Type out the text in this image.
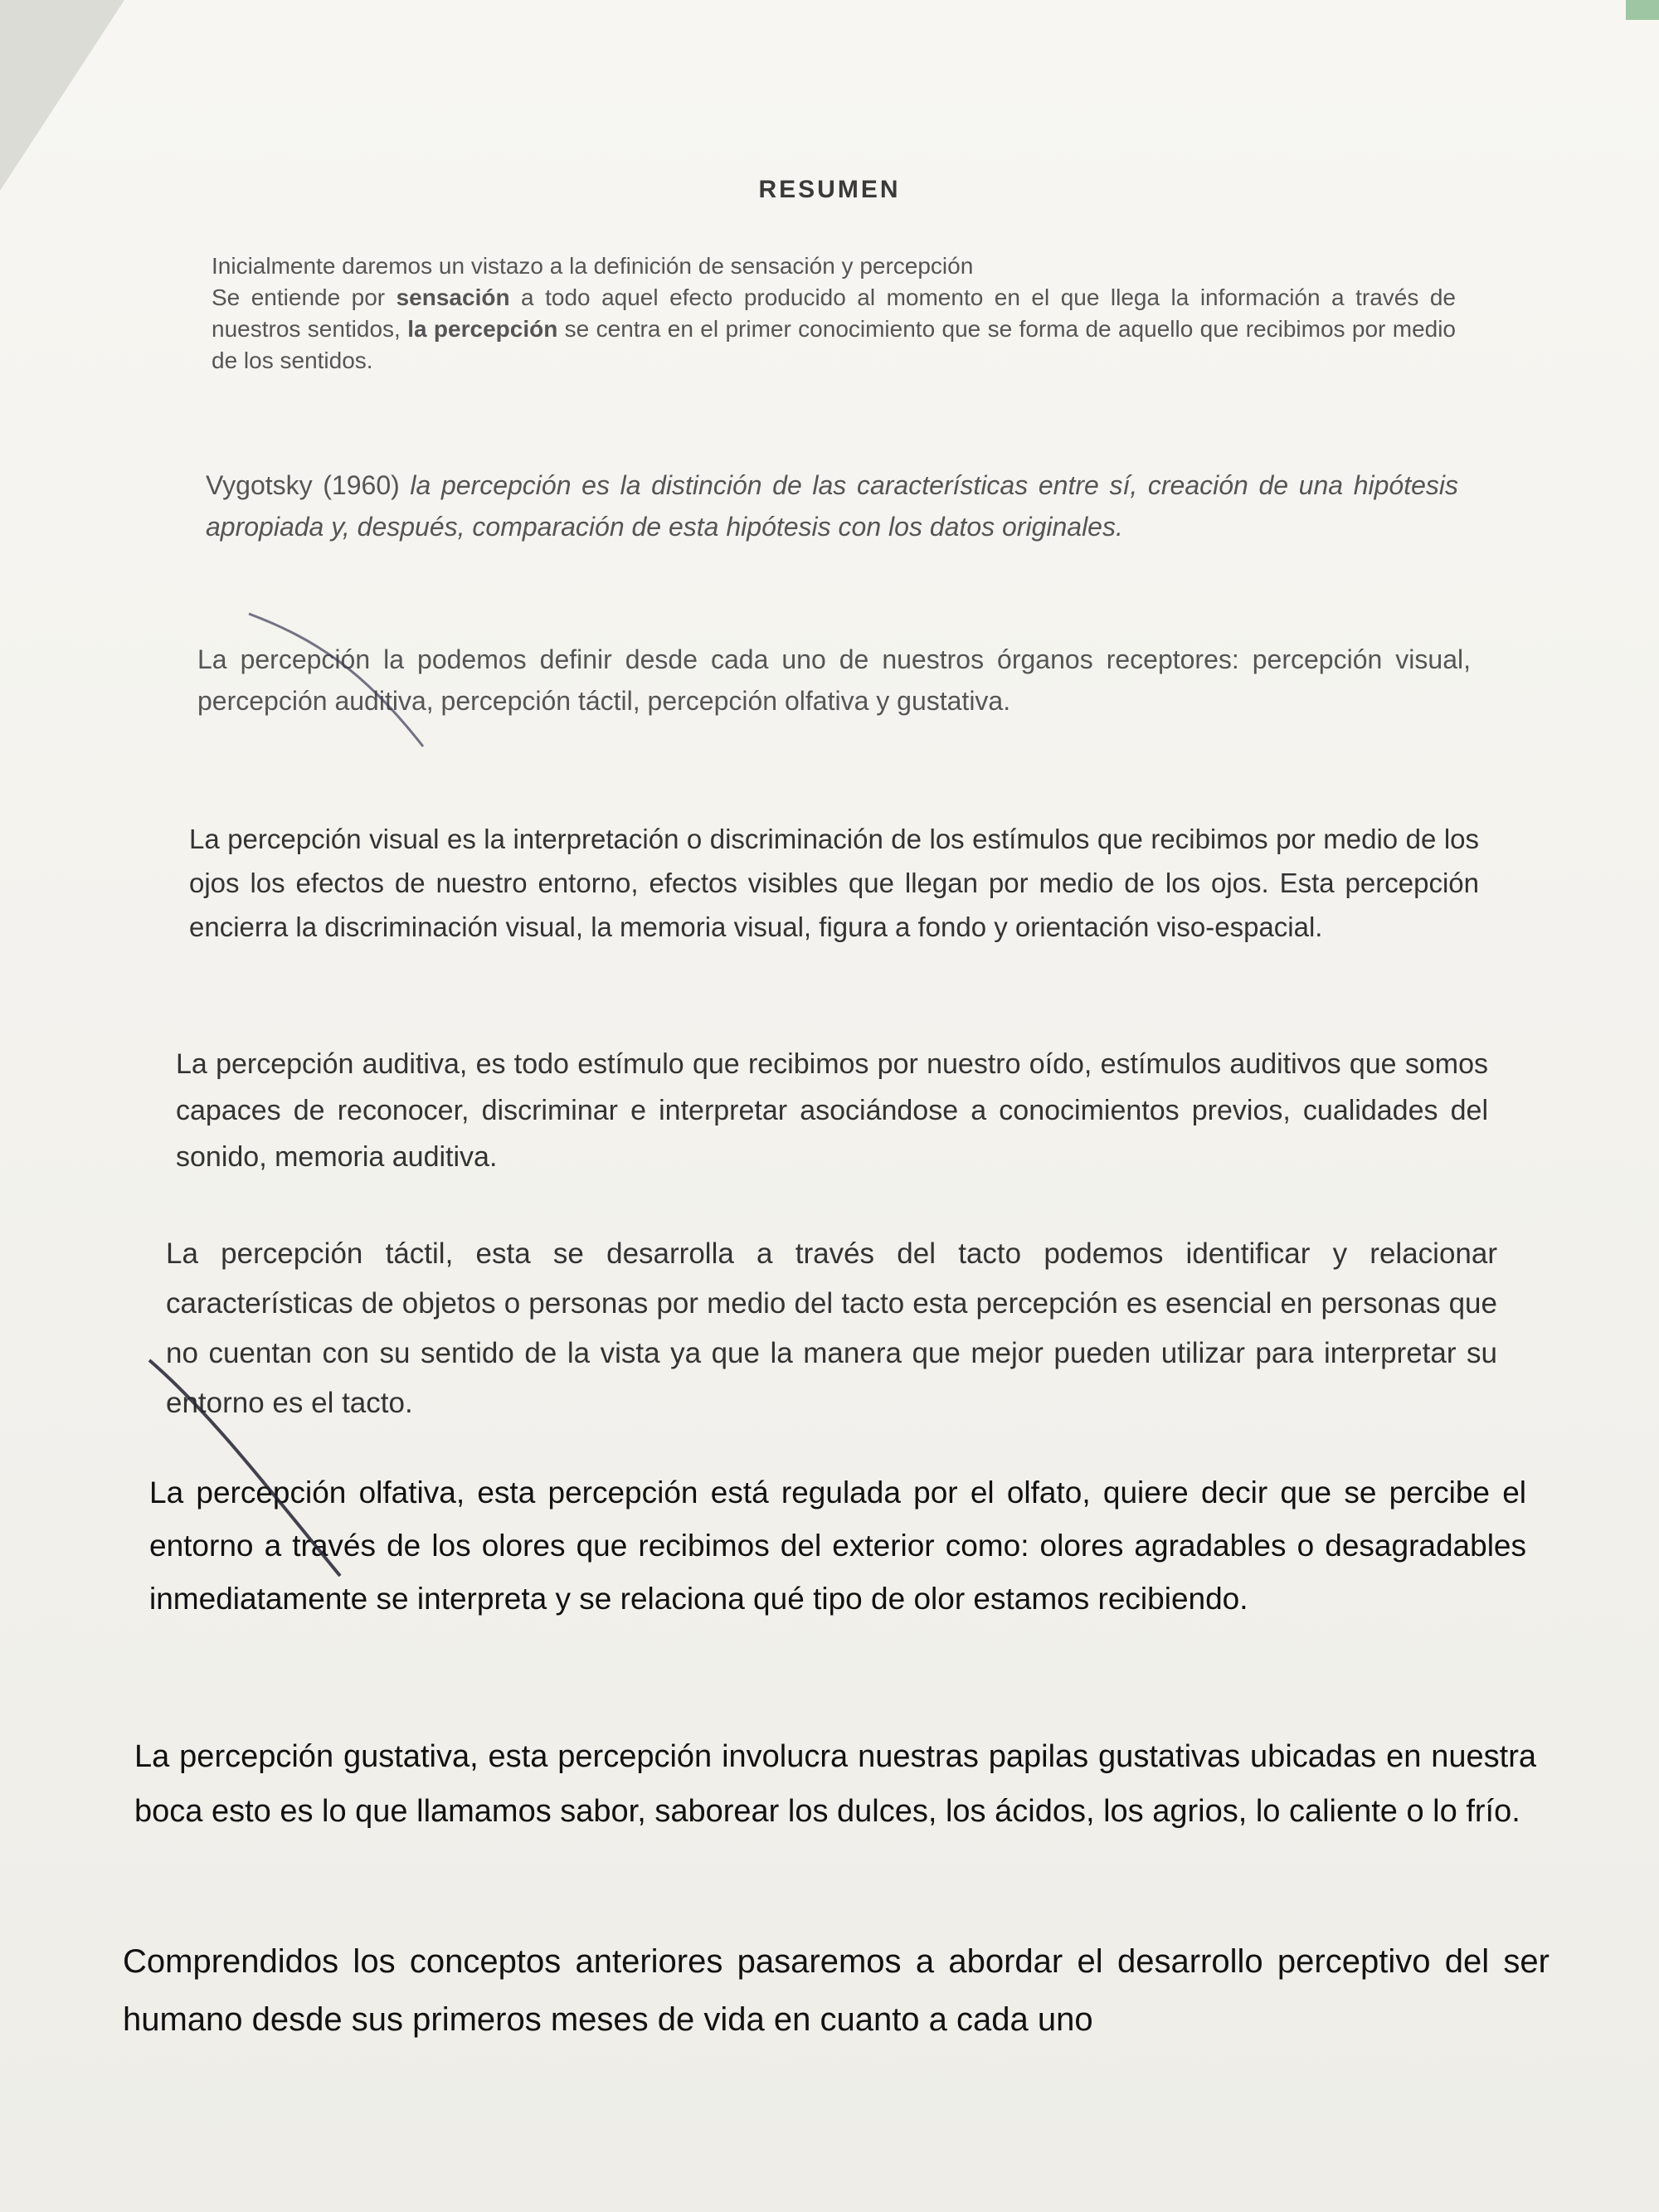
RESUMEN
Inicialmente daremos un vistazo a la definición de sensación y percepción
Se entiende por sensación a todo aquel efecto producido al momento en el que llega la información a través de nuestros sentidos, la percepción se centra en el primer conocimiento que se forma de aquello que recibimos por medio de los sentidos.

Vygotsky (1960) la percepción es la distinción de las características entre sí, creación de una hipótesis apropiada y, después, comparación de esta hipótesis con los datos originales.

La percepción la podemos definir desde cada uno de nuestros órganos receptores: percepción visual, percepción auditiva, percepción táctil, percepción olfativa y gustativa.

La percepción visual es la interpretación o discriminación de los estímulos que recibimos por medio de los ojos los efectos de nuestro entorno, efectos visibles que llegan por medio de los ojos. Esta percepción encierra la discriminación visual, la memoria visual, figura a fondo y orientación viso-espacial.

La percepción auditiva, es todo estímulo que recibimos por nuestro oído, estímulos auditivos que somos capaces de reconocer, discriminar e interpretar asociándose a conocimientos previos, cualidades del sonido, memoria auditiva.

La percepción táctil, esta se desarrolla a través del tacto podemos identificar y relacionar características de objetos o personas por medio del tacto esta percepción es esencial en personas que no cuentan con su sentido de la vista ya que la manera que mejor pueden utilizar para interpretar su entorno es el tacto.

La percepción olfativa, esta percepción está regulada por el olfato, quiere decir que se percibe el entorno a través de los olores que recibimos del exterior como: olores agradables o desagradables inmediatamente se interpreta y se relaciona qué tipo de olor estamos recibiendo.

La percepción gustativa, esta percepción involucra nuestras papilas gustativas ubicadas en nuestra boca esto es lo que llamamos sabor, saborear los dulces, los ácidos, los agrios, lo caliente o lo frío.

Comprendidos los conceptos anteriores pasaremos a abordar el desarrollo perceptivo del ser humano desde sus primeros meses de vida en cuanto a cada uno
